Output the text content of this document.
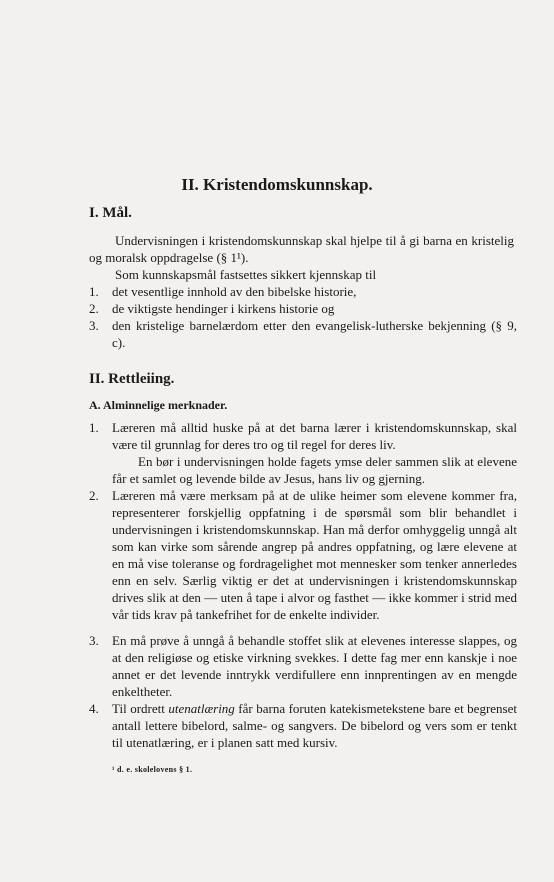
II. Kristendomskunnskap.
I. Mål.
Undervisningen i kristendomskunnskap skal hjelpe til å gi barna en kristelig og moralsk oppdragelse (§ 1¹).
Som kunnskapsmål fastsettes sikkert kjennskap til
1. det vesentlige innhold av den bibelske historie,
2. de viktigste hendinger i kirkens historie og
3. den kristelige barnelærdom etter den evangelisk-lutherske bekjenning (§ 9, c).
II. Rettleiing.
A. Alminnelige merknader.
1. Læreren må alltid huske på at det barna lærer i kristendomskunnskap, skal være til grunnlag for deres tro og til regel for deres liv.
En bør i undervisningen holde fagets ymse deler sammen slik at elevene får et samlet og levende bilde av Jesus, hans liv og gjerning.
2. Læreren må være merksam på at de ulike heimer som elevene kommer fra, representerer forskjellig oppfatning i de spørsmål som blir behandlet i undervisningen i kristendomskunnskap. Han må derfor omhyggelig unngå alt som kan virke som sårende angrep på andres oppfatning, og lære elevene at en må vise toleranse og fordragelighet mot mennesker som tenker annerledes enn en selv. Særlig viktig er det at undervisningen i kristendomskunnskap drives slik at den — uten å tape i alvor og fasthet — ikke kommer i strid med vår tids krav på tankefrihet for de enkelte individer.
3. En må prøve å unngå å behandle stoffet slik at elevenes interesse slappes, og at den religiøse og etiske virkning svekkes. I dette fag mer enn kanskje i noe annet er det levende inntrykk verdifullere enn innprentingen av en mengde enkeltheter.
4. Til ordrett utenatlæring får barna foruten katekismetekstene bare et begrenset antall lettere bibelord, salme- og sangvers. De bibelord og vers som er tenkt til utenatlæring, er i planen satt med kursiv.
¹ d. e. skolelovens § 1.
